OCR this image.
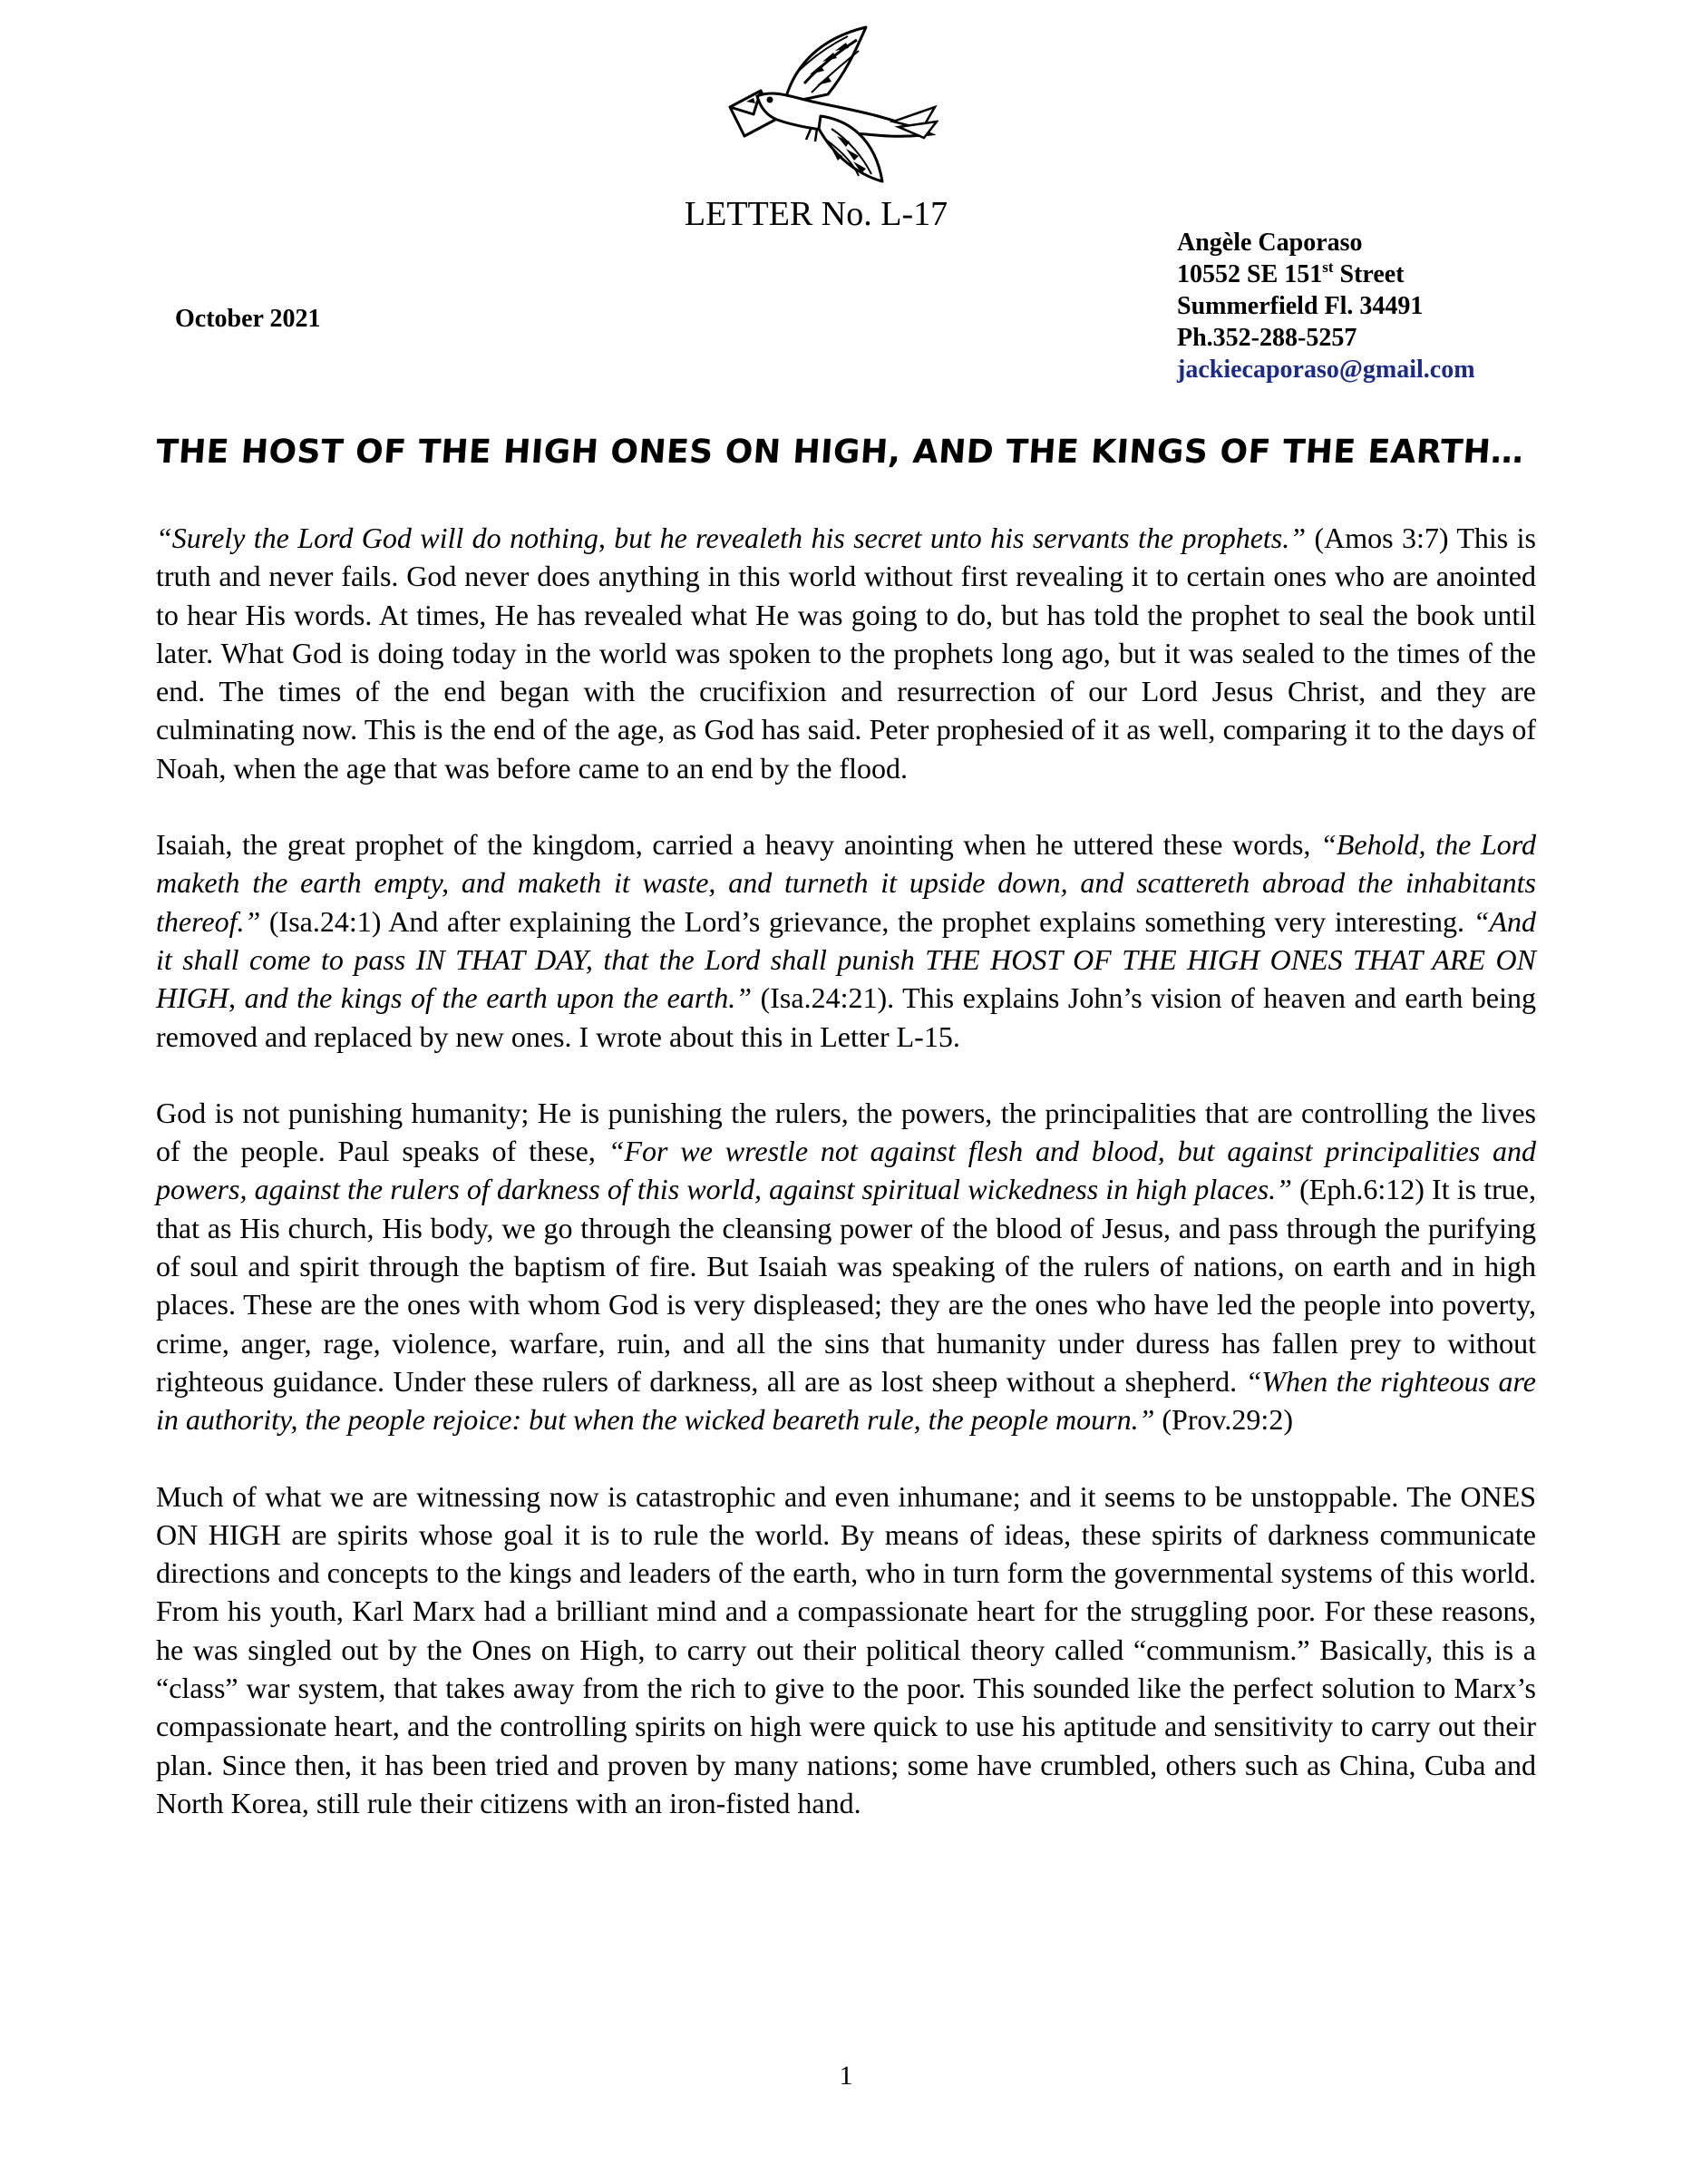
LETTER No. L-17
October 2021
Angèle Caporaso
10552 SE 151st Street
Summerfield Fl. 34491
Ph.352-288-5257
jackiecaporaso@gmail.com
THE HOST OF THE HIGH ONES ON HIGH, AND THE KINGS OF THE EARTH…

“Surely the Lord God will do nothing, but he revealeth his secret unto his servants the prophets.” (Amos 3:7) This is truth and never fails. God never does anything in this world without first revealing it to certain ones who are anointed to hear His words. At times, He has revealed what He was going to do, but has told the prophet to seal the book until later. What God is doing today in the world was spoken to the prophets long ago, but it was sealed to the times of the end. The times of the end began with the crucifixion and resurrection of our Lord Jesus Christ, and they are culminating now. This is the end of the age, as God has said. Peter prophesied of it as well, comparing it to the days of Noah, when the age that was before came to an end by the flood.

Isaiah, the great prophet of the kingdom, carried a heavy anointing when he uttered these words, “Behold, the Lord maketh the earth empty, and maketh it waste, and turneth it upside down, and scattereth abroad the inhabitants thereof.” (Isa.24:1) And after explaining the Lord’s grievance, the prophet explains something very interesting. “And it shall come to pass IN THAT DAY, that the Lord shall punish THE HOST OF THE HIGH ONES THAT ARE ON HIGH, and the kings of the earth upon the earth.” (Isa.24:21). This explains John’s vision of heaven and earth being removed and replaced by new ones. I wrote about this in Letter L-15.

God is not punishing humanity; He is punishing the rulers, the powers, the principalities that are controlling the lives of the people. Paul speaks of these, “For we wrestle not against flesh and blood, but against principalities and powers, against the rulers of darkness of this world, against spiritual wickedness in high places.” (Eph.6:12) It is true, that as His church, His body, we go through the cleansing power of the blood of Jesus, and pass through the purifying of soul and spirit through the baptism of fire. But Isaiah was speaking of the rulers of nations, on earth and in high places. These are the ones with whom God is very displeased; they are the ones who have led the people into poverty, crime, anger, rage, violence, warfare, ruin, and all the sins that humanity under duress has fallen prey to without righteous guidance. Under these rulers of darkness, all are as lost sheep without a shepherd. “When the righteous are in authority, the people rejoice: but when the wicked beareth rule, the people mourn.” (Prov.29:2)

Much of what we are witnessing now is catastrophic and even inhumane; and it seems to be unstoppable. The ONES ON HIGH are spirits whose goal it is to rule the world. By means of ideas, these spirits of darkness communicate directions and concepts to the kings and leaders of the earth, who in turn form the governmental systems of this world. From his youth, Karl Marx had a brilliant mind and a compassionate heart for the struggling poor. For these reasons, he was singled out by the Ones on High, to carry out their political theory called “communism.” Basically, this is a “class” war system, that takes away from the rich to give to the poor. This sounded like the perfect solution to Marx’s compassionate heart, and the controlling spirits on high were quick to use his aptitude and sensitivity to carry out their plan. Since then, it has been tried and proven by many nations; some have crumbled, others such as China, Cuba and North Korea, still rule their citizens with an iron-fisted hand.

1
